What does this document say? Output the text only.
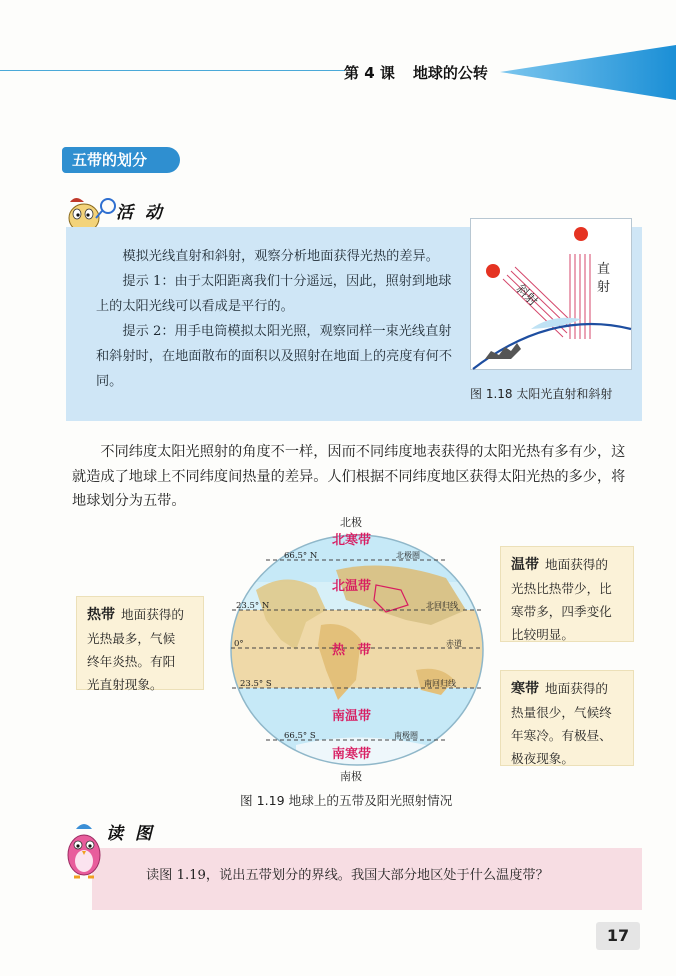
第 4 课 地球的公转
五带的划分
活 动

模拟光线直射和斜射，观察分析地面获得光热的差异。

提示 1：由于太阳距离我们十分遥远，因此，照射到地球上的太阳光线可以看成是平行的。

提示 2：用手电筒模拟太阳光照，观察同样一束光线直射和斜射时，在地面散布的面积以及照射在地面上的亮度有何不同。

斜射
直
射
图 1.18 太阳光直射和斜射

不同纬度太阳光照射的角度不一样，因而不同纬度地表获得的太阳光热有多有少，这就造成了地球上不同纬度间热量的差异。人们根据不同纬度地区获得太阳光热的多少，将地球划分为五带。

北极
南极
北寒带
北温带
热　带
南温带
南寒带
66.5° N
23.5° N
0°
23.5° S
66.5° S
北极圈
北回归线
赤道
南回归线
南极圈
热带 地面获得的
光热最多，气候
终年炎热。有阳
光直射现象。
温带 地面获得的
光热比热带少，比
寒带多，四季变化
比较明显。
寒带 地面获得的
热量很少，气候终
年寒冷。有极昼、
极夜现象。
图 1.19 地球上的五带及阳光照射情况
读 图
读图 1.19，说出五带划分的界线。我国大部分地区处于什么温度带？
17
